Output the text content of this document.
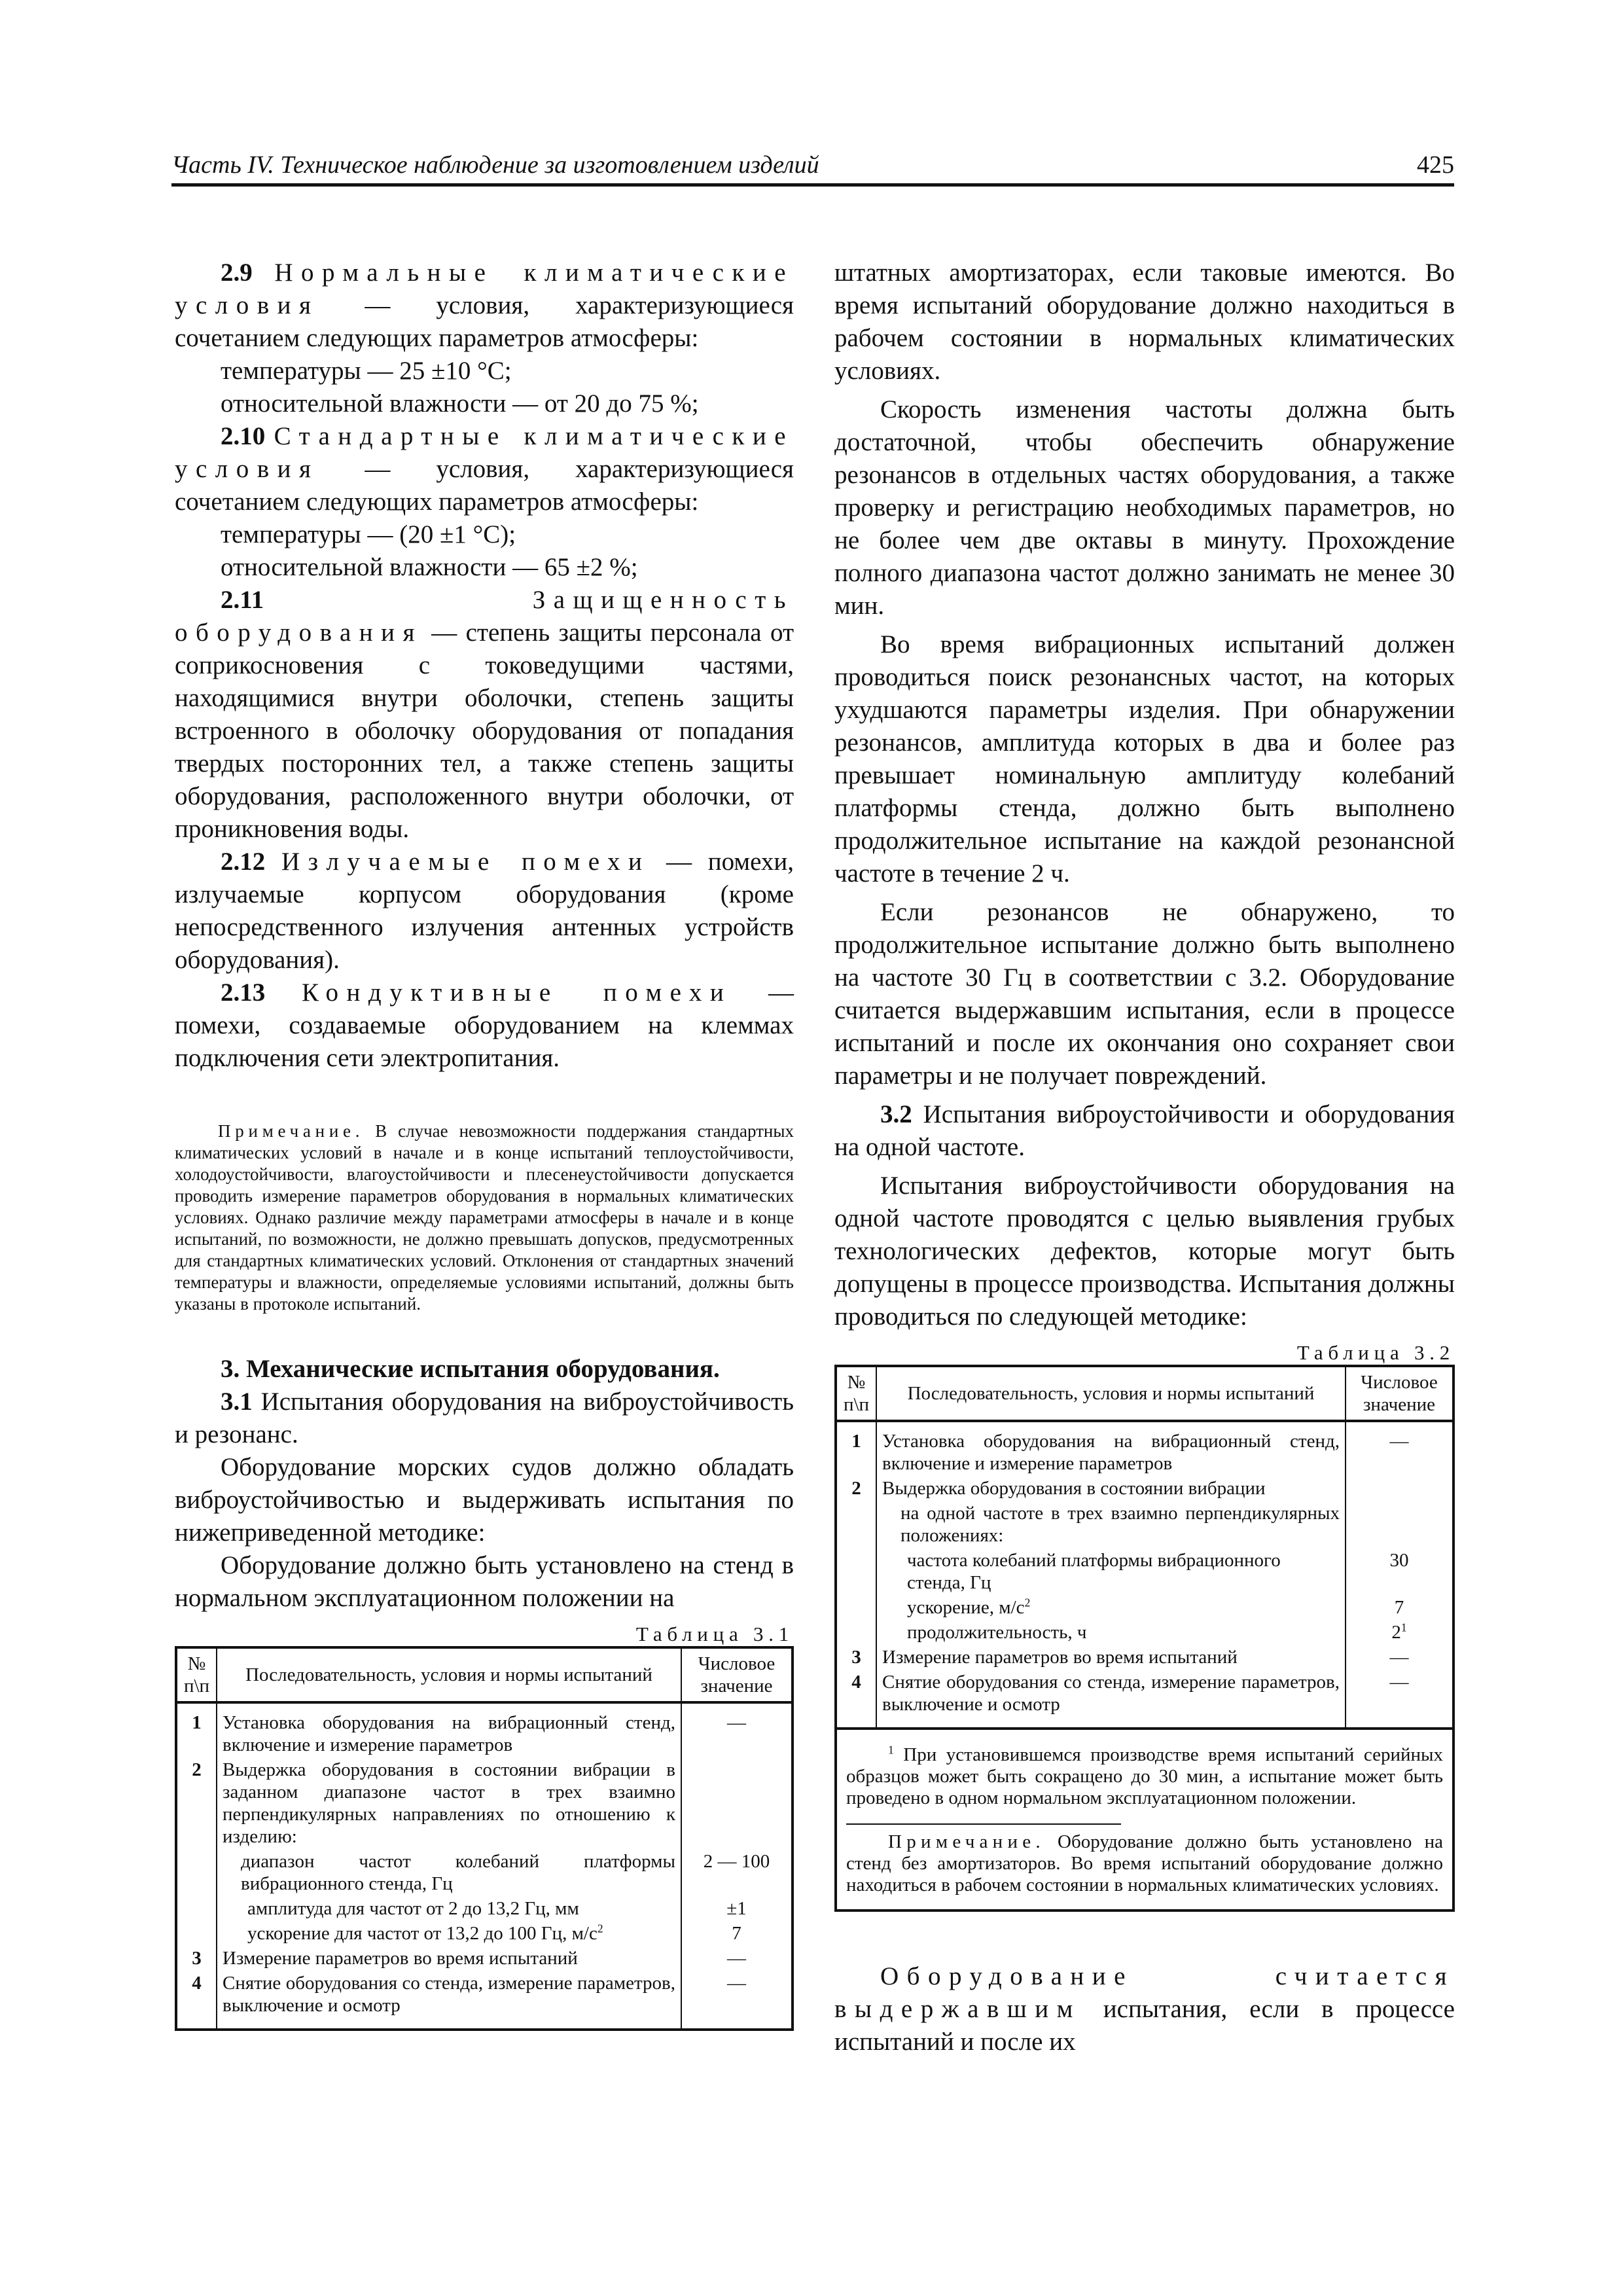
Часть IV. Техническое наблюдение за изготовлением изделий	425

2.9 Нормальные климатические условия — условия, характеризующиеся сочетанием следующих параметров атмосферы:

температуры — 25 ±10 °С;

относительной влажности — от 20 до 75 %;

2.10 Стандартные климатические условия — условия, характеризующиеся сочетанием следующих параметров атмосферы:

температуры — (20 ±1 °С);

относительной влажности — 65 ±2 %;

2.11	Защищенность оборудования — степень защиты персонала от соприкосновения с токоведущими частями, находящимися внутри оболочки, степень защиты встроенного в оболочку оборудования от попадания твердых посторонних тел, а также степень защиты оборудования, расположенного внутри оболочки, от проникновения воды.

2.12 Излучаемые помехи — помехи, излучаемые корпусом оборудования (кроме непосредственного излучения антенных устройств оборудования).

2.13 Кондуктивные помехи — помехи, создаваемые оборудованием на клеммах подключения сети электропитания.

Примечание. В случае невозможности поддержания стандартных климатических условий в начале и в конце испытаний теплоустойчивости, холодоустойчивости, влагоустойчивости и плесенеустойчивости допускается проводить измерение параметров оборудования в нормальных климатических условиях. Однако различие между параметрами атмосферы в начале и в конце испытаний, по возможности, не должно превышать допусков, предусмотренных для стандартных климатических условий. Отклонения от стандартных значений температуры и влажности, определяемые условиями испытаний, должны быть указаны в протоколе испытаний.

3. Механические испытания оборудования.

3.1 Испытания оборудования на виброустойчивость и резонанс.

Оборудование морских судов должно обладать виброустойчивостью и выдерживать испытания по нижеприведенной методике:

Оборудование должно быть установлено на стенд в нормальном эксплуатационном положении на

Таблица 3.1
№ п\п	Последовательность, условия и нормы испытаний	Числовое значение
1	Установка оборудования на вибрационный стенд, включение и измерение параметров	—
2	Выдержка оборудования в состоянии вибрации в заданном диапазоне частот в трех взаимно перпендикулярных направлениях по отношению к изделию:	
	диапазон частот колебаний платформы вибрационного стенда, Гц	2 — 100
	амплитуда для частот от 2 до 13,2 Гц, мм	±1
	ускорение для частот от 13,2 до 100 Гц, $м/с^2$	7
3	Измерение параметров во время испытаний	—
4	Снятие оборудования со стенда, измерение параметров, выключение и осмотр	—

штатных амортизаторах, если таковые имеются. Во время испытаний оборудование должно находиться в рабочем состоянии в нормальных климатических условиях.

Скорость изменения частоты должна быть достаточной, чтобы обеспечить обнаружение резонансов в отдельных частях оборудования, а также проверку и регистрацию необходимых параметров, но не более чем две октавы в минуту. Прохождение полного диапазона частот должно занимать не менее 30 мин.

Во время вибрационных испытаний должен проводиться поиск резонансных частот, на которых ухудшаются параметры изделия. При обнаружении резонансов, амплитуда которых в два и более раз превышает номинальную амплитуду колебаний платформы стенда, должно быть выполнено продолжительное испытание на каждой резонансной частоте в течение 2 ч.

Если резонансов не обнаружено, то продолжительное испытание должно быть выполнено на частоте 30 Гц в соответствии с 3.2. Оборудование считается выдержавшим испытания, если в процессе испытаний и после их окончания оно сохраняет свои параметры и не получает повреждений.

3.2 Испытания виброустойчивости и оборудования на одной частоте.

Испытания виброустойчивости оборудования на одной частоте проводятся с целью выявления грубых технологических дефектов, которые могут быть допущены в процессе производства. Испытания должны проводиться по следующей методике:

Таблица 3.2
№ п\п	Последовательность, условия и нормы испытаний	Числовое значение
1	Установка оборудования на вибрационный стенд, включение и измерение параметров	—
2	Выдержка оборудования в состоянии вибрации	
	на одной частоте в трех взаимно перпендикулярных положениях:	
	частота колебаний платформы вибрационного стенда, Гц	30
	ускорение, $м/с^2$	7
	продолжительность, ч	$2^1$
3	Измерение параметров во время испытаний	—
4	Снятие оборудования со стенда, измерение параметров, выключение и осмотр	—

$^1$ При установившемся производстве время испытаний серийных образцов может быть сокращено до 30 мин, а испытание может быть проведено в одном нормальном эксплуатационном положении.

Примечание. Оборудование должно быть установлено на стенд без амортизаторов. Во время испытаний оборудование должно находиться в рабочем состоянии в нормальных климатических условиях.

Оборудование считается выдержавшим испытания, если в процессе испытаний и после их
